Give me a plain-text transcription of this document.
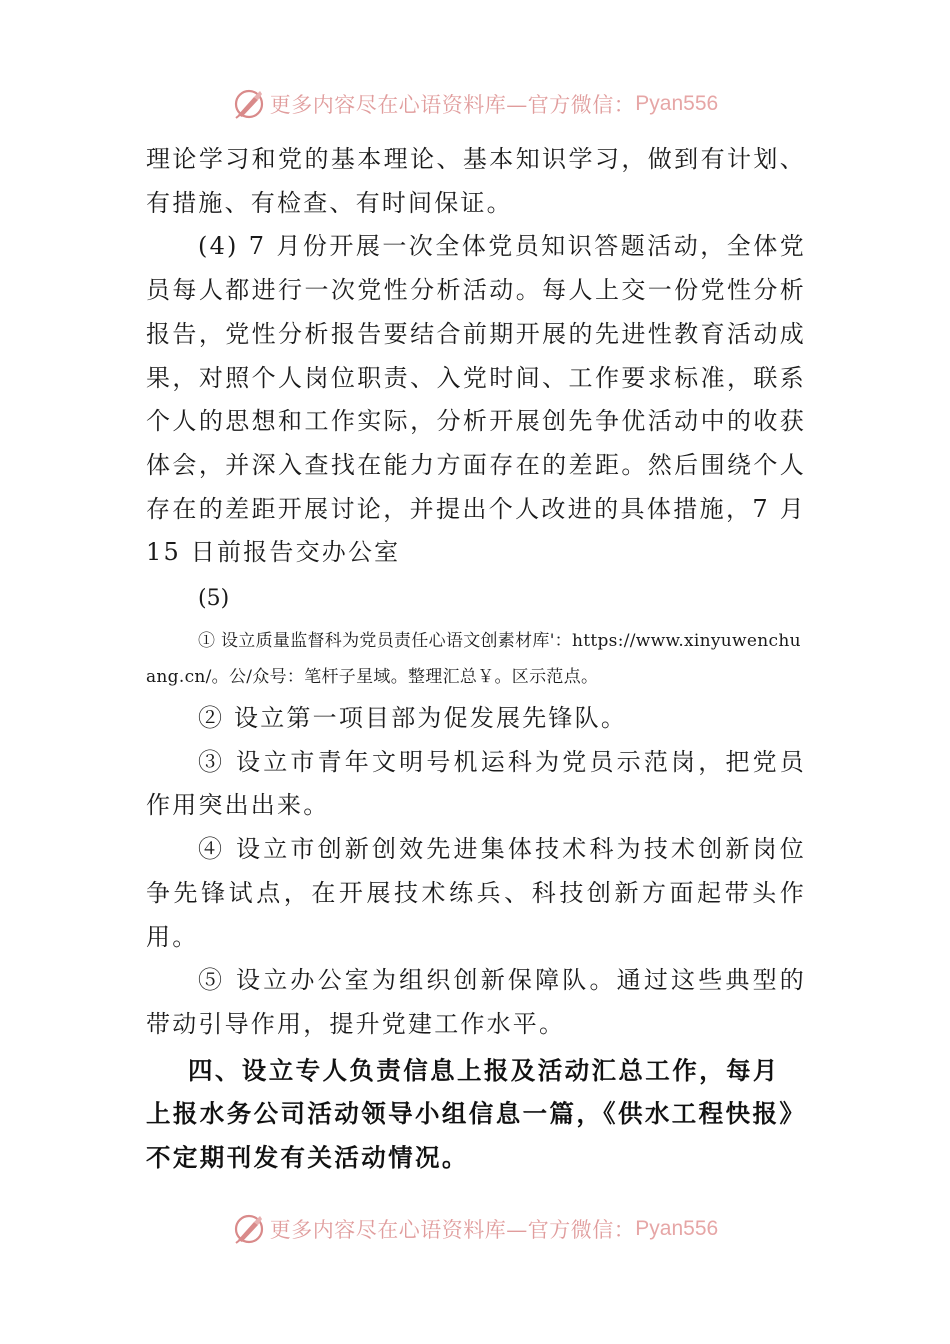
更多内容尽在心语资料库—官方微信： Pyan556

理论学习和党的基本理论、基本知识学习，做到有计划、有措施、有检查、有时间保证。

(4) 7 月份开展一次全体党员知识答题活动，全体党员每人都进行一次党性分析活动。每人上交一份党性分析报告，党性分析报告要结合前期开展的先进性教育活动成果，对照个人岗位职责、入党时间、工作要求标准，联系个人的思想和工作实际，分析开展创先争优活动中的收获体会，并深入查找在能力方面存在的差距。然后围绕个人存在的差距开展讨论，并提出个人改进的具体措施，7 月 15 日前报告交办公室

(5)

① 设立质量监督科为党员责任心语文创素材库'：https://www.xinyuwenchuang.cn/。公/众号：笔杆子星域。整理汇总￥。区示范点。

② 设立第一项目部为促发展先锋队。

③ 设立市青年文明号机运科为党员示范岗，把党员作用突出出来。

④ 设立市创新创效先进集体技术科为技术创新岗位争先锋试点，在开展技术练兵、科技创新方面起带头作用。

⑤ 设立办公室为组织创新保障队。通过这些典型的带动引导作用，提升党建工作水平。

四、设立专人负责信息上报及活动汇总工作，每月上报水务公司活动领导小组信息一篇，《供水工程快报》不定期刊发有关活动情况。

更多内容尽在心语资料库—官方微信： Pyan556
